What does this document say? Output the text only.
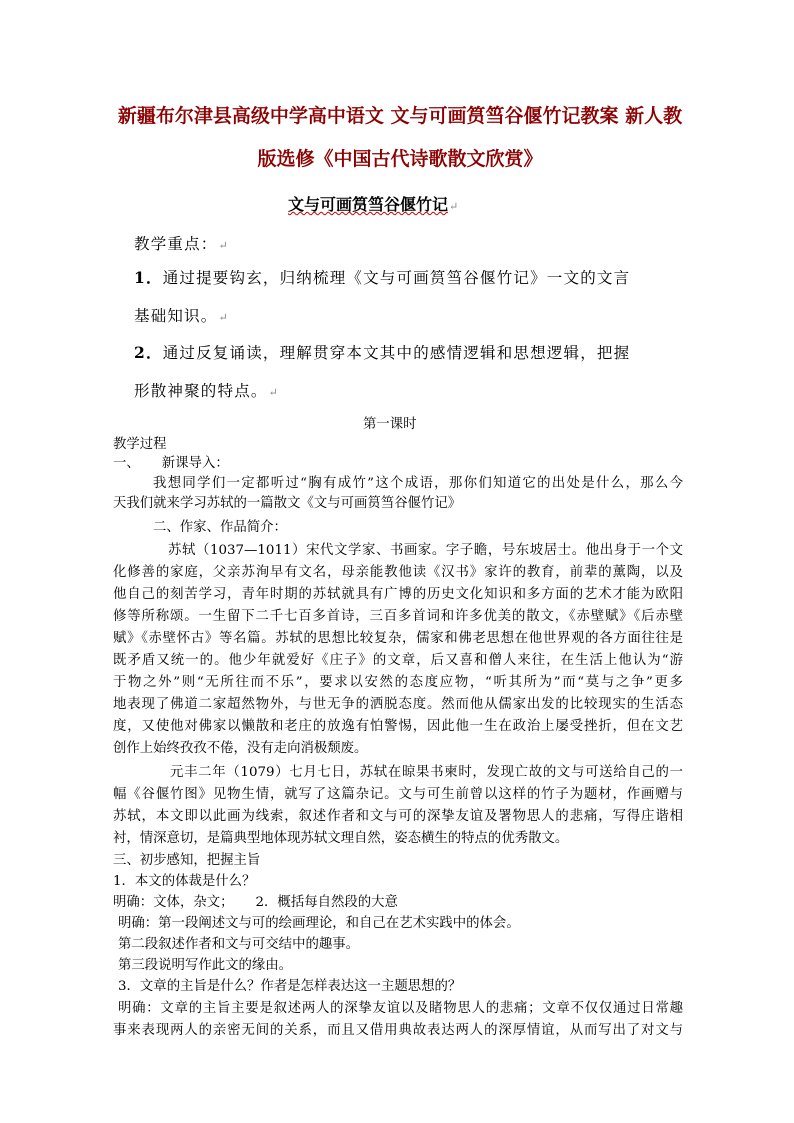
新疆布尔津县高级中学高中语文 文与可画筼筜谷偃竹记教案 新人教
版选修《中国古代诗歌散文欣赏》
文与可画筼筜谷偃竹记↵
教学重点：↵
1．通过提要钩玄，归纳梳理《文与可画筼筜谷偃竹记》一文的文言
基础知识。↵
2．通过反复诵读，理解贯穿本文其中的感情逻辑和思想逻辑，把握
形散神聚的特点。↵
第一课时
教学过程
一、 新课导入：
我想同学们一定都听过“胸有成竹”这个成语，那你们知道它的出处是什么，那么今
天我们就来学习苏轼的一篇散文《文与可画筼筜谷偃竹记》
二、作家、作品简介：
苏轼（1037—1011）宋代文学家、书画家。字子瞻，号东坡居士。他出身于一个文
化修善的家庭，父亲苏洵早有文名，母亲能教他读《汉书》家许的教育，前辈的薰陶，以及
他自己的刻苦学习，青年时期的苏轼就具有广博的历史文化知识和多方面的艺术才能为欧阳
修等所称颂。一生留下二千七百多首诗，三百多首词和许多优美的散文，《赤壁赋》《后赤壁
赋》《赤壁怀古》等名篇。苏轼的思想比较复杂，儒家和佛老思想在他世界观的各方面往往是
既矛盾又统一的。他少年就爱好《庄子》的文章，后又喜和僧人来往，在生活上他认为“游
于物之外”则“无所往而不乐”，要求以安然的态度应物，“听其所为”而“莫与之争”更多
地表现了佛道二家超然物外，与世无争的洒脱态度。然而他从儒家出发的比较现实的生活态
度，又使他对佛家以懒散和老庄的放逸有怕警惕，因此他一生在政治上屡受挫折，但在文艺
创作上始终孜孜不倦，没有走向消极颓废。
元丰二年（1079）七月七日，苏轼在晾果书柬时，发现亡故的文与可送给自己的一
幅《谷偃竹图》见物生情，就写了这篇杂记。文与可生前曾以这样的竹子为题材，作画赠与
苏轼，本文即以此画为线索，叙述作者和文与可的深挚友谊及署物思人的悲痛，写得庄谐相
衬，情深意切，是篇典型地体现苏轼文理自然，姿态横生的特点的优秀散文。
三、初步感知，把握主旨
1．本文的体裁是什么？
明确：文体，杂文； 2．概括每自然段的大意
明确：第一段阐述文与可的绘画理论，和自己在艺术实践中的体会。
第二段叙述作者和文与可交结中的趣事。
第三段说明写作此文的缘由。
3．文章的主旨是什么？作者是怎样表达这一主题思想的？
明确：文章的主旨主要是叙述两人的深挚友谊以及睹物思人的悲痛；文章不仅仅通过日常趣
事来表现两人的亲密无间的关系，而且又借用典故表达两人的深厚情谊，从而写出了对文与
